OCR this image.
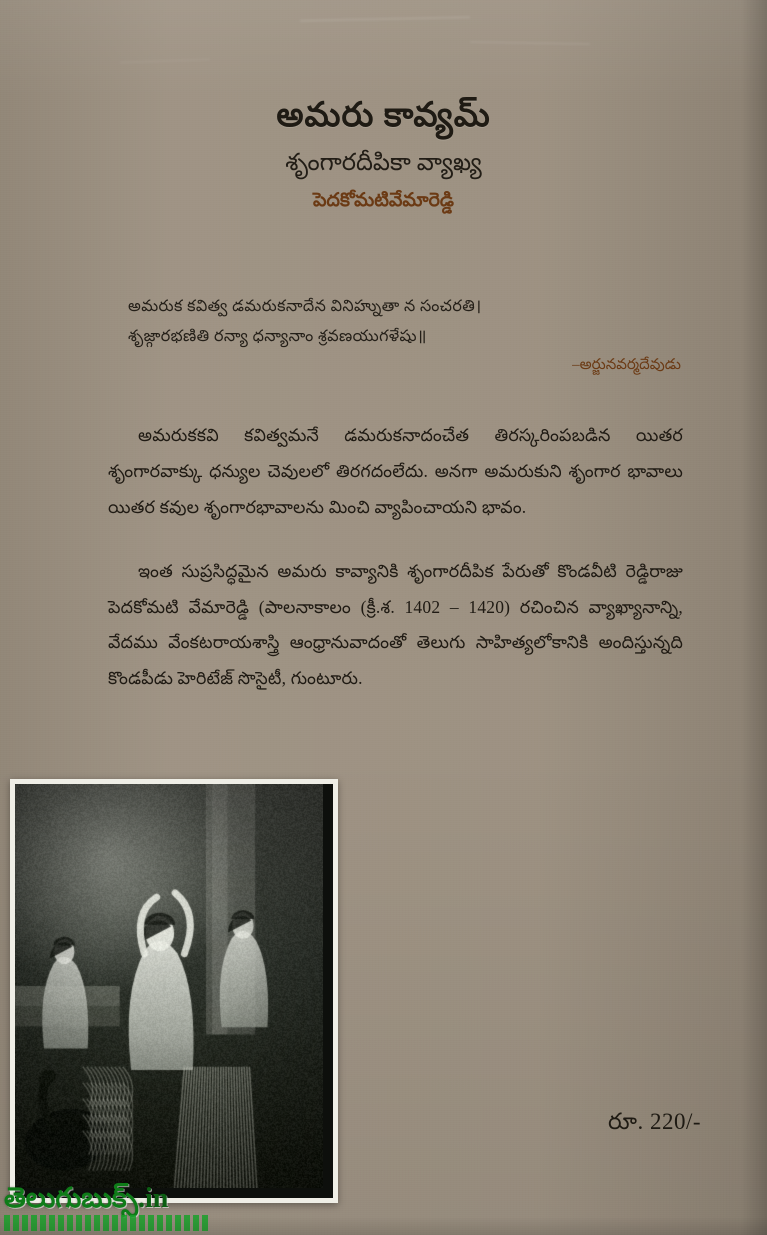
అమరు కావ్యమ్
శృంగారదీపికా వ్యాఖ్య
పెదకోమటివేమారెడ్డి
అమరుక కవిత్వ డమరుకనాదేన వినిహ్నుతా న సంచరతి।
శృజ్గారభణితి రన్యా ధన్యానాం శ్రవణయుగళేషు॥
–అర్జునవర్మదేవుడు

అమరుకకవి కవిత్వమనే డమరుకనాదంచేత తిరస్కరింపబడిన యితర శృంగారవాక్కు ధన్యుల చెవులలో తిరగదంలేదు. అనగా అమరుకుని శృంగార భావాలు యితర కవుల శృంగారభావాలను మించి వ్యాపించాయని భావం.

ఇంత సుప్రసిద్ధమైన అమరు కావ్యానికి శృంగారదీపిక పేరుతో కొండవీటి రెడ్డిరాజు పెదకోమటి వేమారెడ్డి (పాలనాకాలం (క్రీ.శ. 1402 – 1420) రచించిన వ్యాఖ్యానాన్ని, వేదము వేంకటరాయశాస్త్రి ఆంధ్రానువాదంతో తెలుగు సాహిత్యలోకానికి అందిస్తున్నది కొండపీడు హెరిటేజ్ సొసైటీ, గుంటూరు.

రూ. 220/-
తెలుగుబుక్స్.in
